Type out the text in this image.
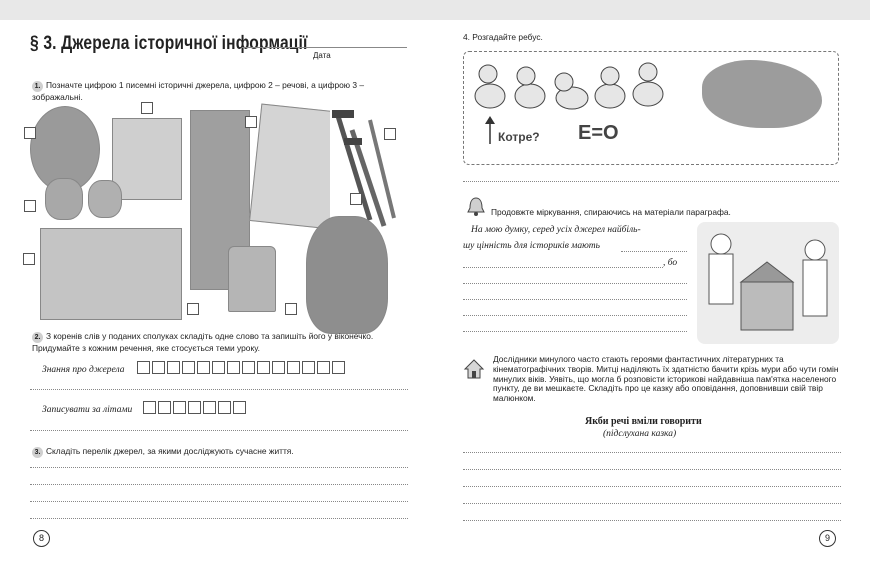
§ 3. Джерела історичної інформації
Дата
1. Позначте цифрою 1 писемні історичні джерела, цифрою 2 – речові, а цифрою 3 – зображальні.
2. З коренів слів у поданих сполуках складіть одне слово та запишіть його у віконечко. Придумайте з кожним речення, яке стосується теми уроку.
Знання про джерела
Записувати за літами
3. Складіть перелік джерел, за якими досліджують сучасне життя.
8
4. Розгадайте ребус.
Котре? Е=О
Продовжте міркування, спираючись на матеріали параграфа.
На мою думку, серед усіх джерел найбіль-
шу цінність для істориків мають
, бо
Дослідники минулого часто стають героями фантастичних літературних та кінематографічних творів. Митці наділяють їх здатністю бачити крізь мури або чути гомін минулих віків. Уявіть, що могла б розповісти історикові найдавніша пам'ятка населеного пункту, де ви мешкаєте. Складіть про це казку або оповідання, доповнивши свій твір малюнком.
Якби речі вміли говорити
(підслухана казка)
9
